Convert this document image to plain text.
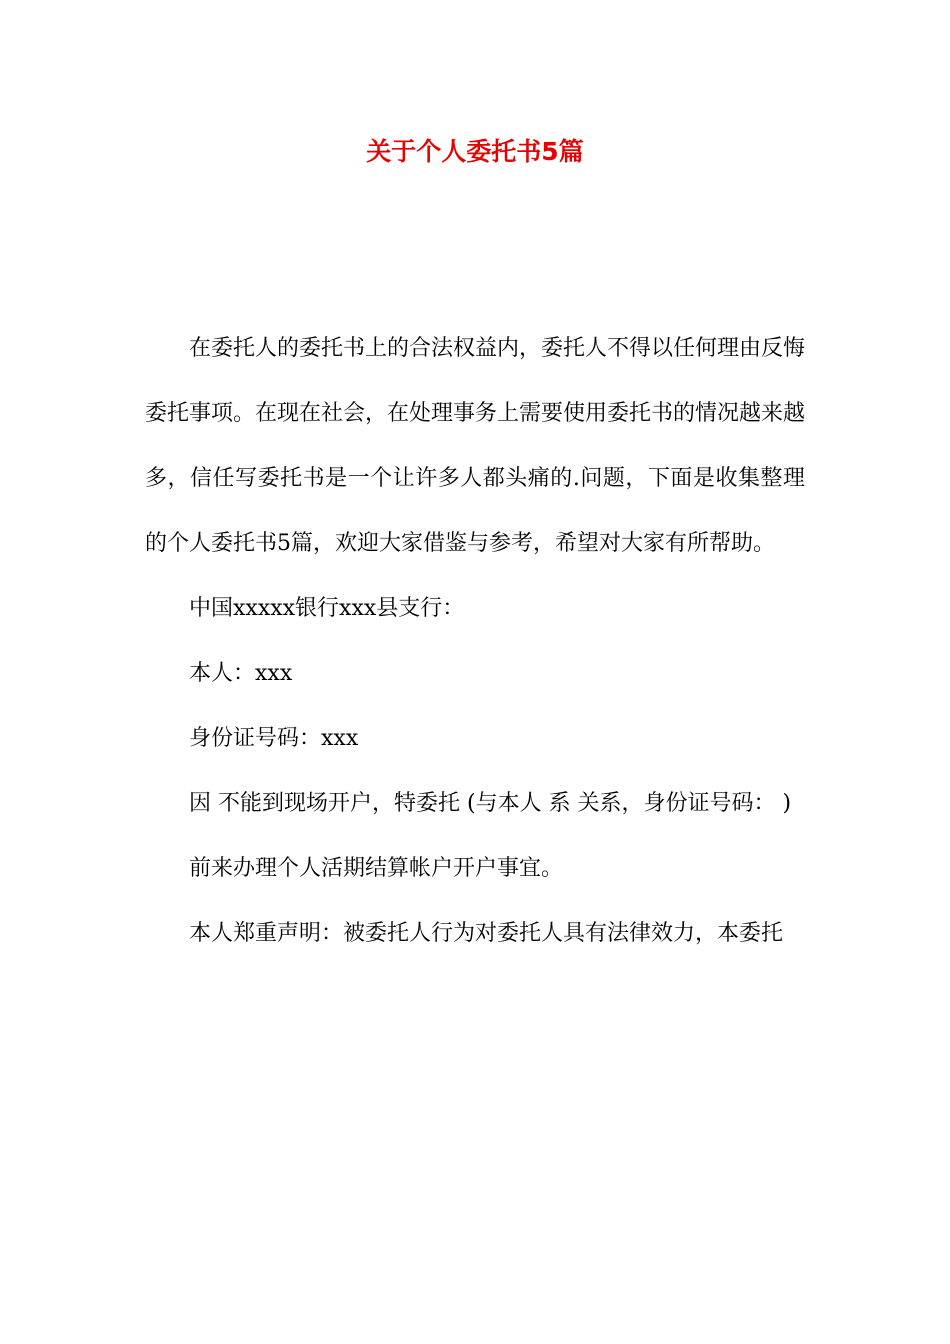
关于个人委托书5篇

在委托人的委托书上的合法权益内，委托人不得以任何理由反悔委托事项。在现在社会，在处理事务上需要使用委托书的情况越来越多，信任写委托书是一个让许多人都头痛的.问题，下面是收集整理的个人委托书5篇，欢迎大家借鉴与参考，希望对大家有所帮助。

中国xxxxx银行xxx县支行：

本人：xxx

身份证号码：xxx

因 不能到现场开户，特委托 (与本人 系 关系，身份证号码： )

前来办理个人活期结算帐户开户事宜。

本人郑重声明：被委托人行为对委托人具有法律效力，本委托
